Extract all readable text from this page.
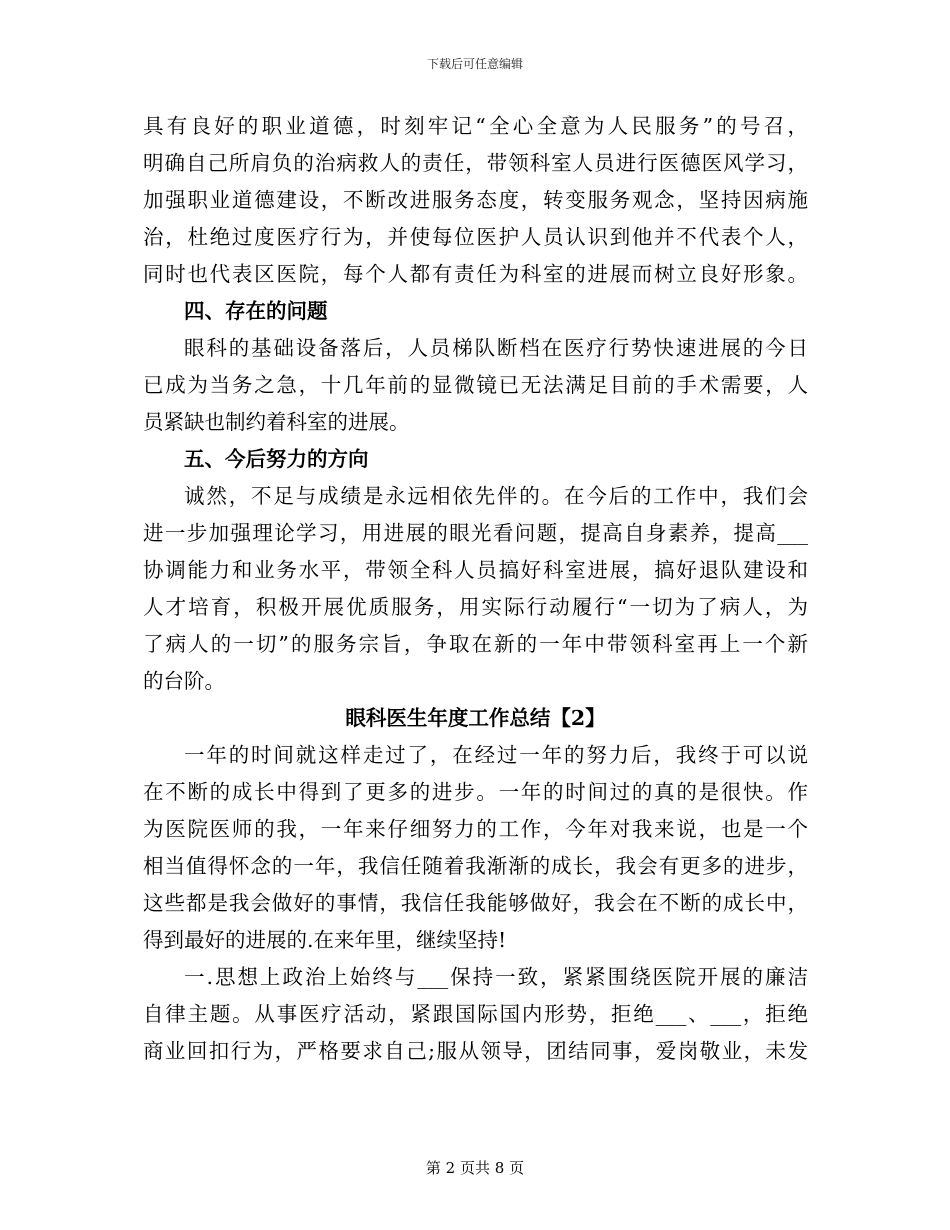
下载后可任意编辑
具有良好的职业道德，时刻牢记“全心全意为人民服务”的号召，
明确自己所肩负的治病救人的责任，带领科室人员进行医德医风学习，
加强职业道德建设，不断改进服务态度，转变服务观念，坚持因病施
治，杜绝过度医疗行为，并使每位医护人员认识到他并不代表个人，
同时也代表区医院，每个人都有责任为科室的进展而树立良好形象。
四、存在的问题
眼科的基础设备落后，人员梯队断档在医疗行势快速进展的今日
已成为当务之急，十几年前的显微镜已无法满足目前的手术需要，人
员紧缺也制约着科室的进展。
五、今后努力的方向
诚然，不足与成绩是永远相依先伴的。在今后的工作中，我们会
进一步加强理论学习，用进展的眼光看问题，提高自身素养，提高___
协调能力和业务水平，带领全科人员搞好科室进展，搞好退队建设和
人才培育，积极开展优质服务，用实际行动履行“一切为了病人，为
了病人的一切”的服务宗旨，争取在新的一年中带领科室再上一个新
的台阶。
眼科医生年度工作总结【2】
一年的时间就这样走过了，在经过一年的努力后，我终于可以说
在不断的成长中得到了更多的进步。一年的时间过的真的是很快。作
为医院医师的我，一年来仔细努力的工作，今年对我来说，也是一个
相当值得怀念的一年，我信任随着我渐渐的成长，我会有更多的进步，
这些都是我会做好的事情，我信任我能够做好，我会在不断的成长中，
得到最好的进展的.在来年里，继续坚持!
一.思想上政治上始终与___保持一致，紧紧围绕医院开展的廉洁
自律主题。从事医疗活动，紧跟国际国内形势，拒绝___、___，拒绝
商业回扣行为，严格要求自己;服从领导，团结同事，爱岗敬业，未发
第 2 页共 8 页
